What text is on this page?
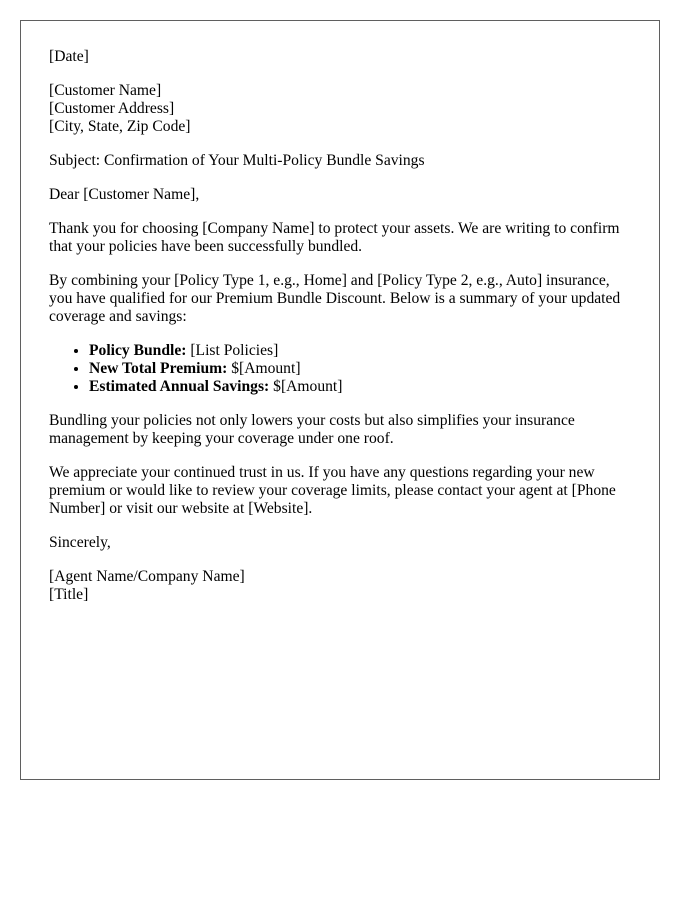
[Date]
[Customer Name]
[Customer Address]
[City, State, Zip Code]

Subject: Confirmation of Your Multi-Policy Bundle Savings

Dear [Customer Name],

Thank you for choosing [Company Name] to protect your assets. We are writing to confirm that your policies have been successfully bundled.

By combining your [Policy Type 1, e.g., Home] and [Policy Type 2, e.g., Auto] insurance, you have qualified for our Premium Bundle Discount. Below is a summary of your updated coverage and savings:

• Policy Bundle: [List Policies]
• New Total Premium: $[Amount]
• Estimated Annual Savings: $[Amount]

Bundling your policies not only lowers your costs but also simplifies your insurance management by keeping your coverage under one roof.

We appreciate your continued trust in us. If you have any questions regarding your new premium or would like to review your coverage limits, please contact your agent at [Phone Number] or visit our website at [Website].

Sincerely,

[Agent Name/Company Name]
[Title]
